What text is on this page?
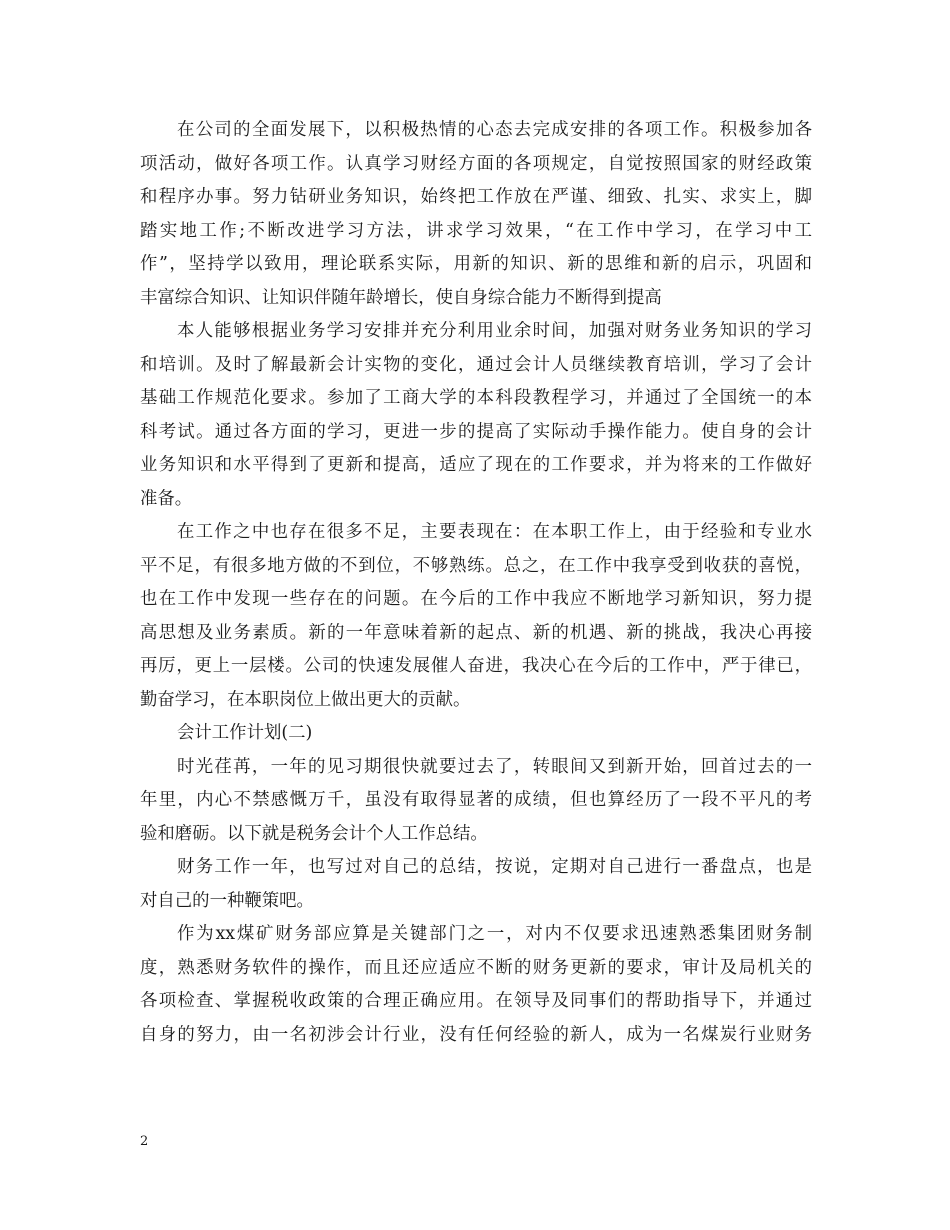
在公司的全面发展下，以积极热情的心态去完成安排的各项工作。积极参加各
项活动，做好各项工作。认真学习财经方面的各项规定，自觉按照国家的财经政策
和程序办事。努力钻研业务知识，始终把工作放在严谨、细致、扎实、求实上，脚
踏实地工作;不断改进学习方法，讲求学习效果，“在工作中学习，在学习中工
作”，坚持学以致用，理论联系实际，用新的知识、新的思维和新的启示，巩固和
丰富综合知识、让知识伴随年龄增长，使自身综合能力不断得到提高
本人能够根据业务学习安排并充分利用业余时间，加强对财务业务知识的学习
和培训。及时了解最新会计实物的变化，通过会计人员继续教育培训，学习了会计
基础工作规范化要求。参加了工商大学的本科段教程学习，并通过了全国统一的本
科考试。通过各方面的学习，更进一步的提高了实际动手操作能力。使自身的会计
业务知识和水平得到了更新和提高，适应了现在的工作要求，并为将来的工作做好
准备。
在工作之中也存在很多不足，主要表现在：在本职工作上，由于经验和专业水
平不足，有很多地方做的不到位，不够熟练。总之，在工作中我享受到收获的喜悦，
也在工作中发现一些存在的问题。在今后的工作中我应不断地学习新知识，努力提
高思想及业务素质。新的一年意味着新的起点、新的机遇、新的挑战，我决心再接
再厉，更上一层楼。公司的快速发展催人奋进，我决心在今后的工作中，严于律已，
勤奋学习，在本职岗位上做出更大的贡献。
会计工作计划(二)
时光荏苒，一年的见习期很快就要过去了，转眼间又到新开始，回首过去的一
年里，内心不禁感慨万千，虽没有取得显著的成绩，但也算经历了一段不平凡的考
验和磨砺。以下就是税务会计个人工作总结。
财务工作一年，也写过对自己的总结，按说，定期对自己进行一番盘点，也是
对自己的一种鞭策吧。
作为xx煤矿财务部应算是关键部门之一，对内不仅要求迅速熟悉集团财务制
度，熟悉财务软件的操作，而且还应适应不断的财务更新的要求，审计及局机关的
各项检查、掌握税收政策的合理正确应用。在领导及同事们的帮助指导下，并通过
自身的努力，由一名初涉会计行业，没有任何经验的新人，成为一名煤炭行业财务
2
